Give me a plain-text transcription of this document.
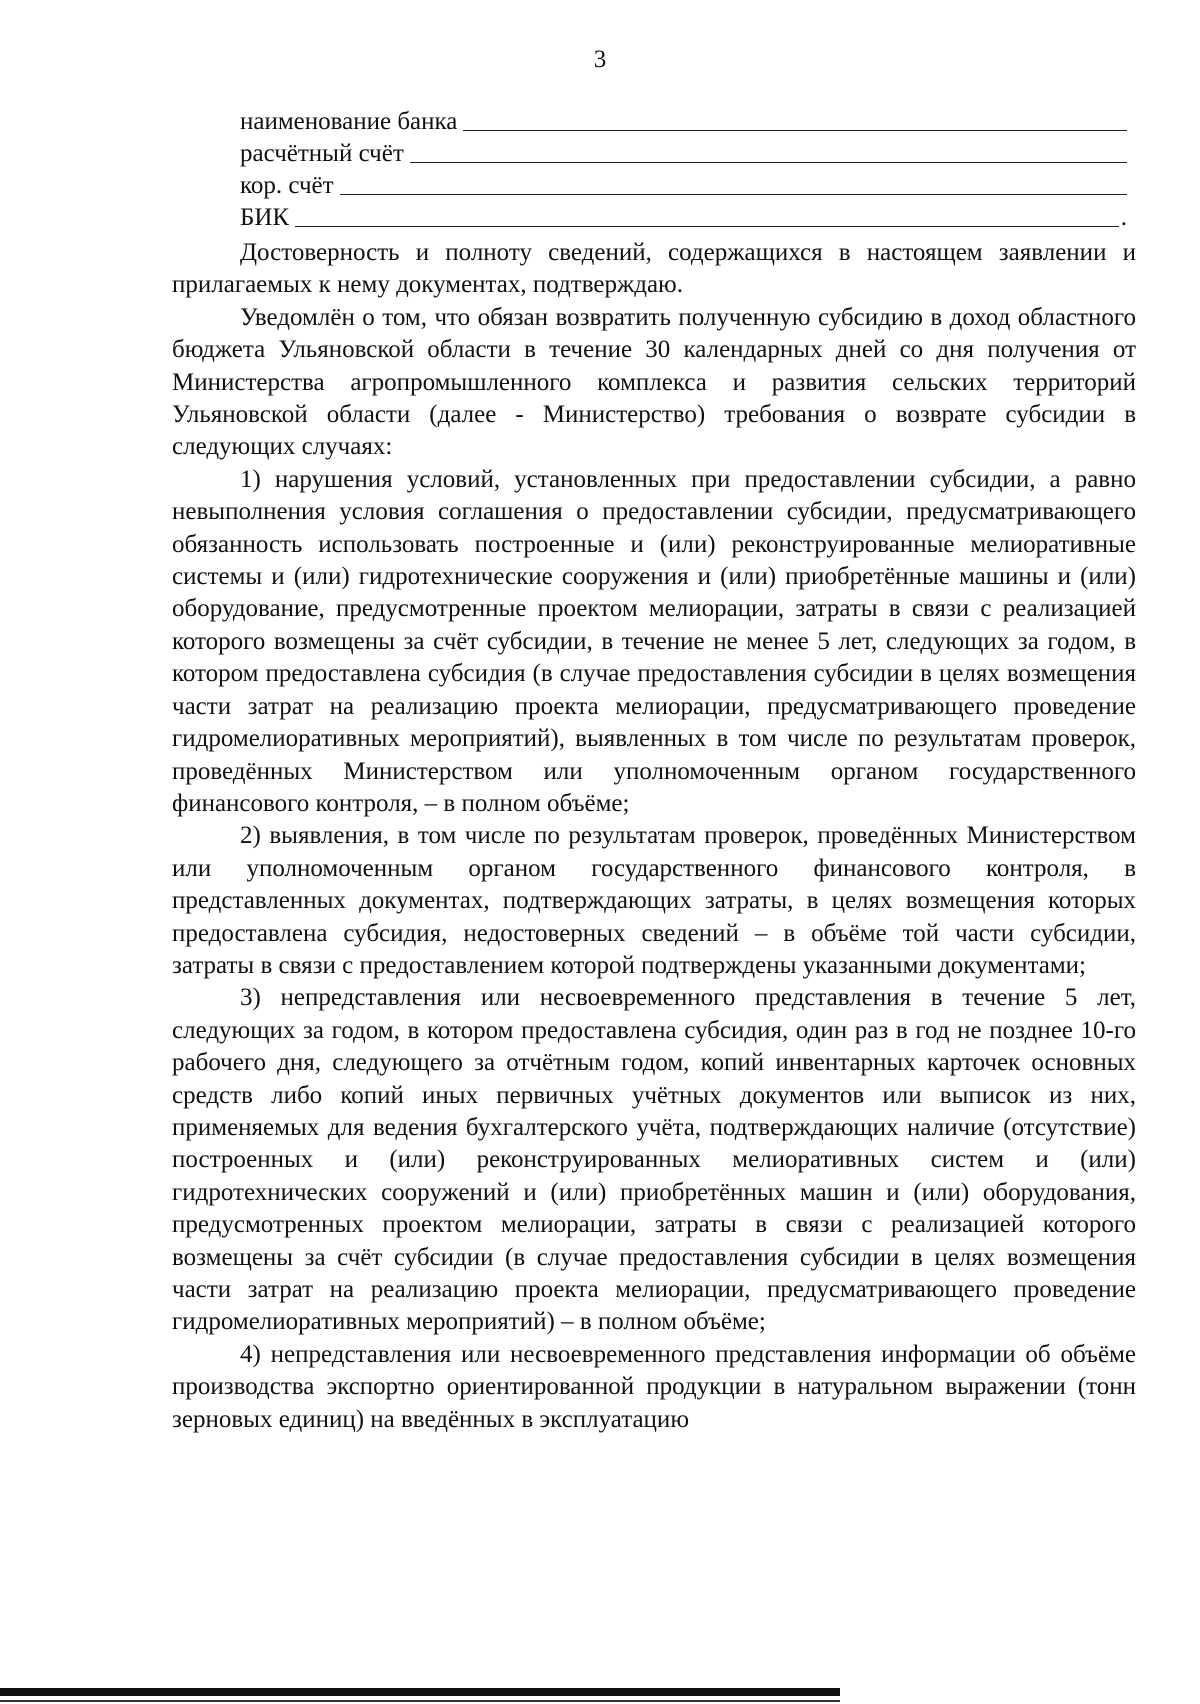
3
наименование банка
расчётный счёт
кор. счёт
БИК	.

Достоверность и полноту сведений, содержащихся в настоящем заявлении и прилагаемых к нему документах, подтверждаю.

Уведомлён о том, что обязан возвратить полученную субсидию в доход областного бюджета Ульяновской области в течение 30 календарных дней со дня получения от Министерства агропромышленного комплекса и развития сельских территорий Ульяновской области (далее - Министерство) требования о возврате субсидии в следующих случаях:

1) нарушения условий, установленных при предоставлении субсидии, а равно невыполнения условия соглашения о предоставлении субсидии, предусматривающего обязанность использовать построенные и (или) реконструированные мелиоративные системы и (или) гидротехнические сооружения и (или) приобретённые машины и (или) оборудование, предусмотренные проектом мелиорации, затраты в связи с реализацией которого возмещены за счёт субсидии, в течение не менее 5 лет, следующих за годом, в котором предоставлена субсидия (в случае предоставления субсидии в целях возмещения части затрат на реализацию проекта мелиорации, предусматривающего проведение гидромелиоративных мероприятий), выявленных в том числе по результатам проверок, проведённых Министерством или уполномоченным органом государственного финансового контроля, – в полном объёме;

2) выявления, в том числе по результатам проверок, проведённых Министерством или уполномоченным органом государственного финансового контроля, в представленных документах, подтверждающих затраты, в целях возмещения которых предоставлена субсидия, недостоверных сведений – в объёме той части субсидии, затраты в связи с предоставлением которой подтверждены указанными документами;

3) непредставления или несвоевременного представления в течение 5 лет, следующих за годом, в котором предоставлена субсидия, один раз в год не позднее 10-го рабочего дня, следующего за отчётным годом, копий инвентарных карточек основных средств либо копий иных первичных учётных документов или выписок из них, применяемых для ведения бухгалтерского учёта, подтверждающих наличие (отсутствие) построенных и (или) реконструированных мелиоративных систем и (или) гидротехнических сооружений и (или) приобретённых машин и (или) оборудования, предусмотренных проектом мелиорации, затраты в связи с реализацией которого возмещены за счёт субсидии (в случае предоставления субсидии в целях возмещения части затрат на реализацию проекта мелиорации, предусматривающего проведение гидромелиоративных мероприятий) – в полном объёме;

4) непредставления или несвоевременного представления информации об объёме производства экспортно ориентированной продукции в натуральном выражении (тонн зерновых единиц) на введённых в эксплуатацию
